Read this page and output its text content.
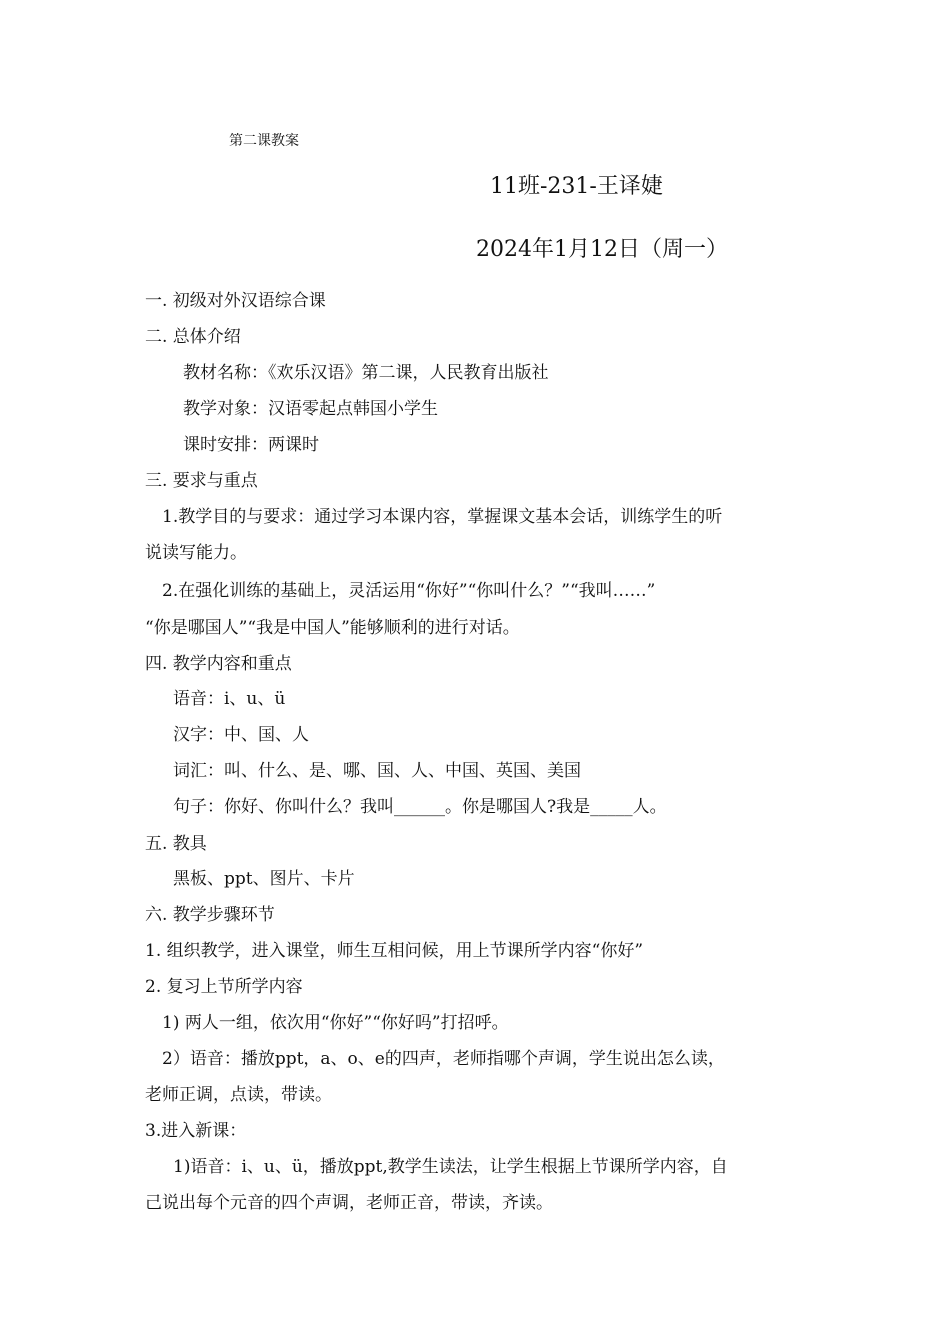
第二课教案
11班-231-王译婕
2024年1月12日（周一）
一. 初级对外汉语综合课
二. 总体介绍
教材名称：《欢乐汉语》第二课，人民教育出版社
教学对象：汉语零起点韩国小学生
课时安排：两课时
三. 要求与重点
1.教学目的与要求：通过学习本课内容，掌握课文基本会话，训练学生的听
说读写能力。
2.在强化训练的基础上，灵活运用“你好”“你叫什么？”“我叫……”
“你是哪国人”“我是中国人”能够顺利的进行对话。
四. 教学内容和重点
语音：i、u、ü
汉字：中、国、人
词汇：叫、什么、是、哪、国、人、中国、英国、美国
句子：你好、你叫什么？我叫______。你是哪国人?我是_____人。
五. 教具
黑板、ppt、图片、卡片
六. 教学步骤环节
1. 组织教学，进入课堂，师生互相问候，用上节课所学内容“你好”
2. 复习上节所学内容
1) 两人一组，依次用“你好”“你好吗”打招呼。
2）语音：播放ppt，a、o、e的四声，老师指哪个声调，学生说出怎么读，
老师正调，点读，带读。
3.进入新课：
1)语音：i、u、ü，播放ppt,教学生读法，让学生根据上节课所学内容，自
己说出每个元音的四个声调，老师正音，带读，齐读。
